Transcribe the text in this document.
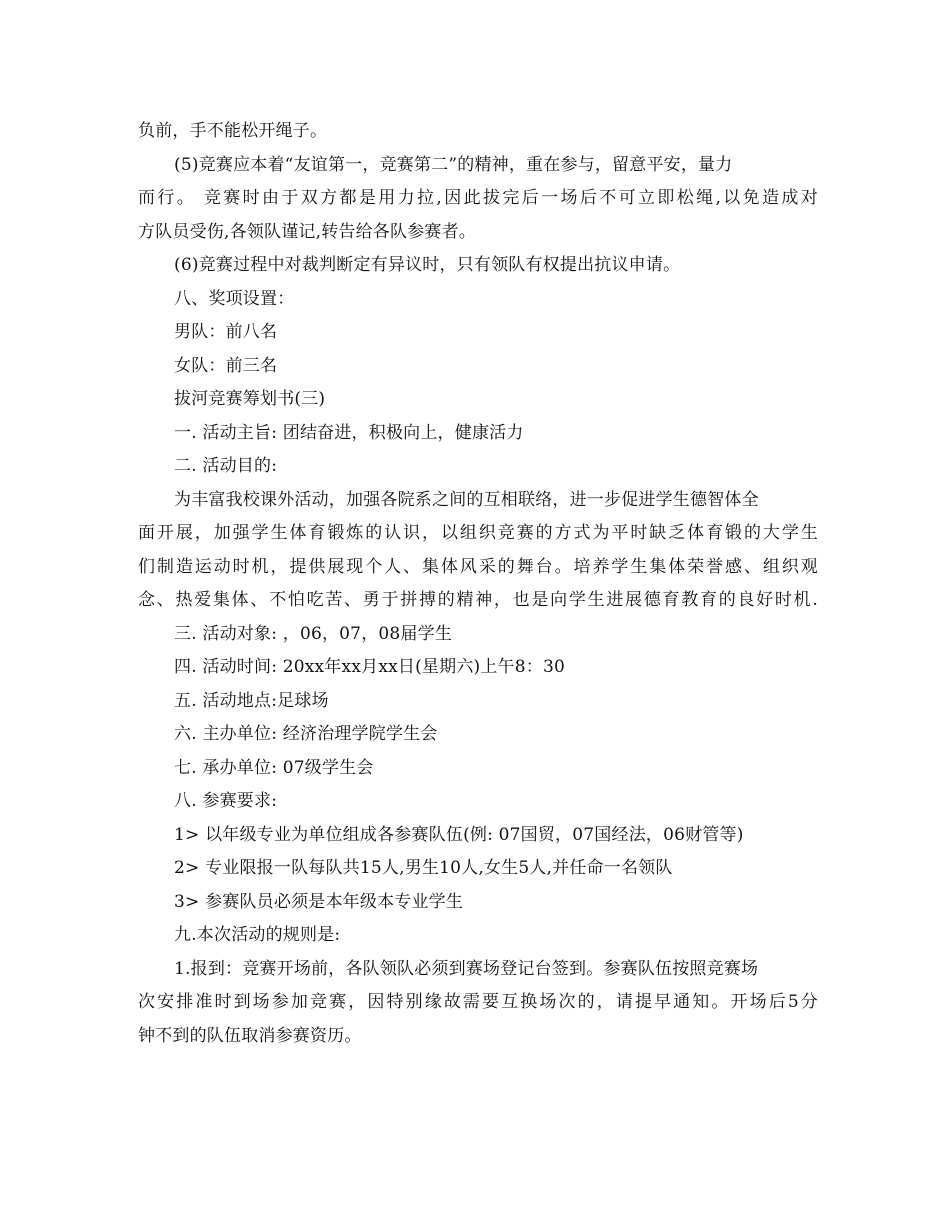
负前，手不能松开绳子。
(5)竞赛应本着“友谊第一，竞赛第二”的精神，重在参与，留意平安，量力
而行。 竞赛时由于双方都是用力拉,因此拔完后一场后不可立即松绳,以免造成对
方队员受伤,各领队谨记,转告给各队参赛者。
(6)竞赛过程中对裁判断定有异议时，只有领队有权提出抗议申请。
八、奖项设置：
男队：前八名
女队：前三名
拔河竞赛筹划书(三)
一. 活动主旨: 团结奋进，积极向上，健康活力
二. 活动目的:
为丰富我校课外活动，加强各院系之间的互相联络，进一步促进学生德智体全
面开展，加强学生体育锻炼的认识，以组织竞赛的方式为平时缺乏体育锻的大学生
们制造运动时机，提供展现个人、集体风采的舞台。培养学生集体荣誉感、组织观
念、热爱集体、不怕吃苦、勇于拼搏的精神，也是向学生进展德育教育的良好时机.
三. 活动对象: ，06，07，08届学生
四. 活动时间: 20xx年xx月xx日(星期六)上午8：30
五. 活动地点:足球场
六. 主办单位: 经济治理学院学生会
七. 承办单位: 07级学生会
八. 参赛要求:
1> 以年级专业为单位组成各参赛队伍(例: 07国贸，07国经法，06财管等)
2> 专业限报一队每队共15人,男生10人,女生5人,并任命一名领队
3> 参赛队员必须是本年级本专业学生
九.本次活动的规则是:
1.报到：竞赛开场前，各队领队必须到赛场登记台签到。参赛队伍按照竞赛场
次安排准时到场参加竞赛，因特别缘故需要互换场次的，请提早通知。开场后5分
钟不到的队伍取消参赛资历。
